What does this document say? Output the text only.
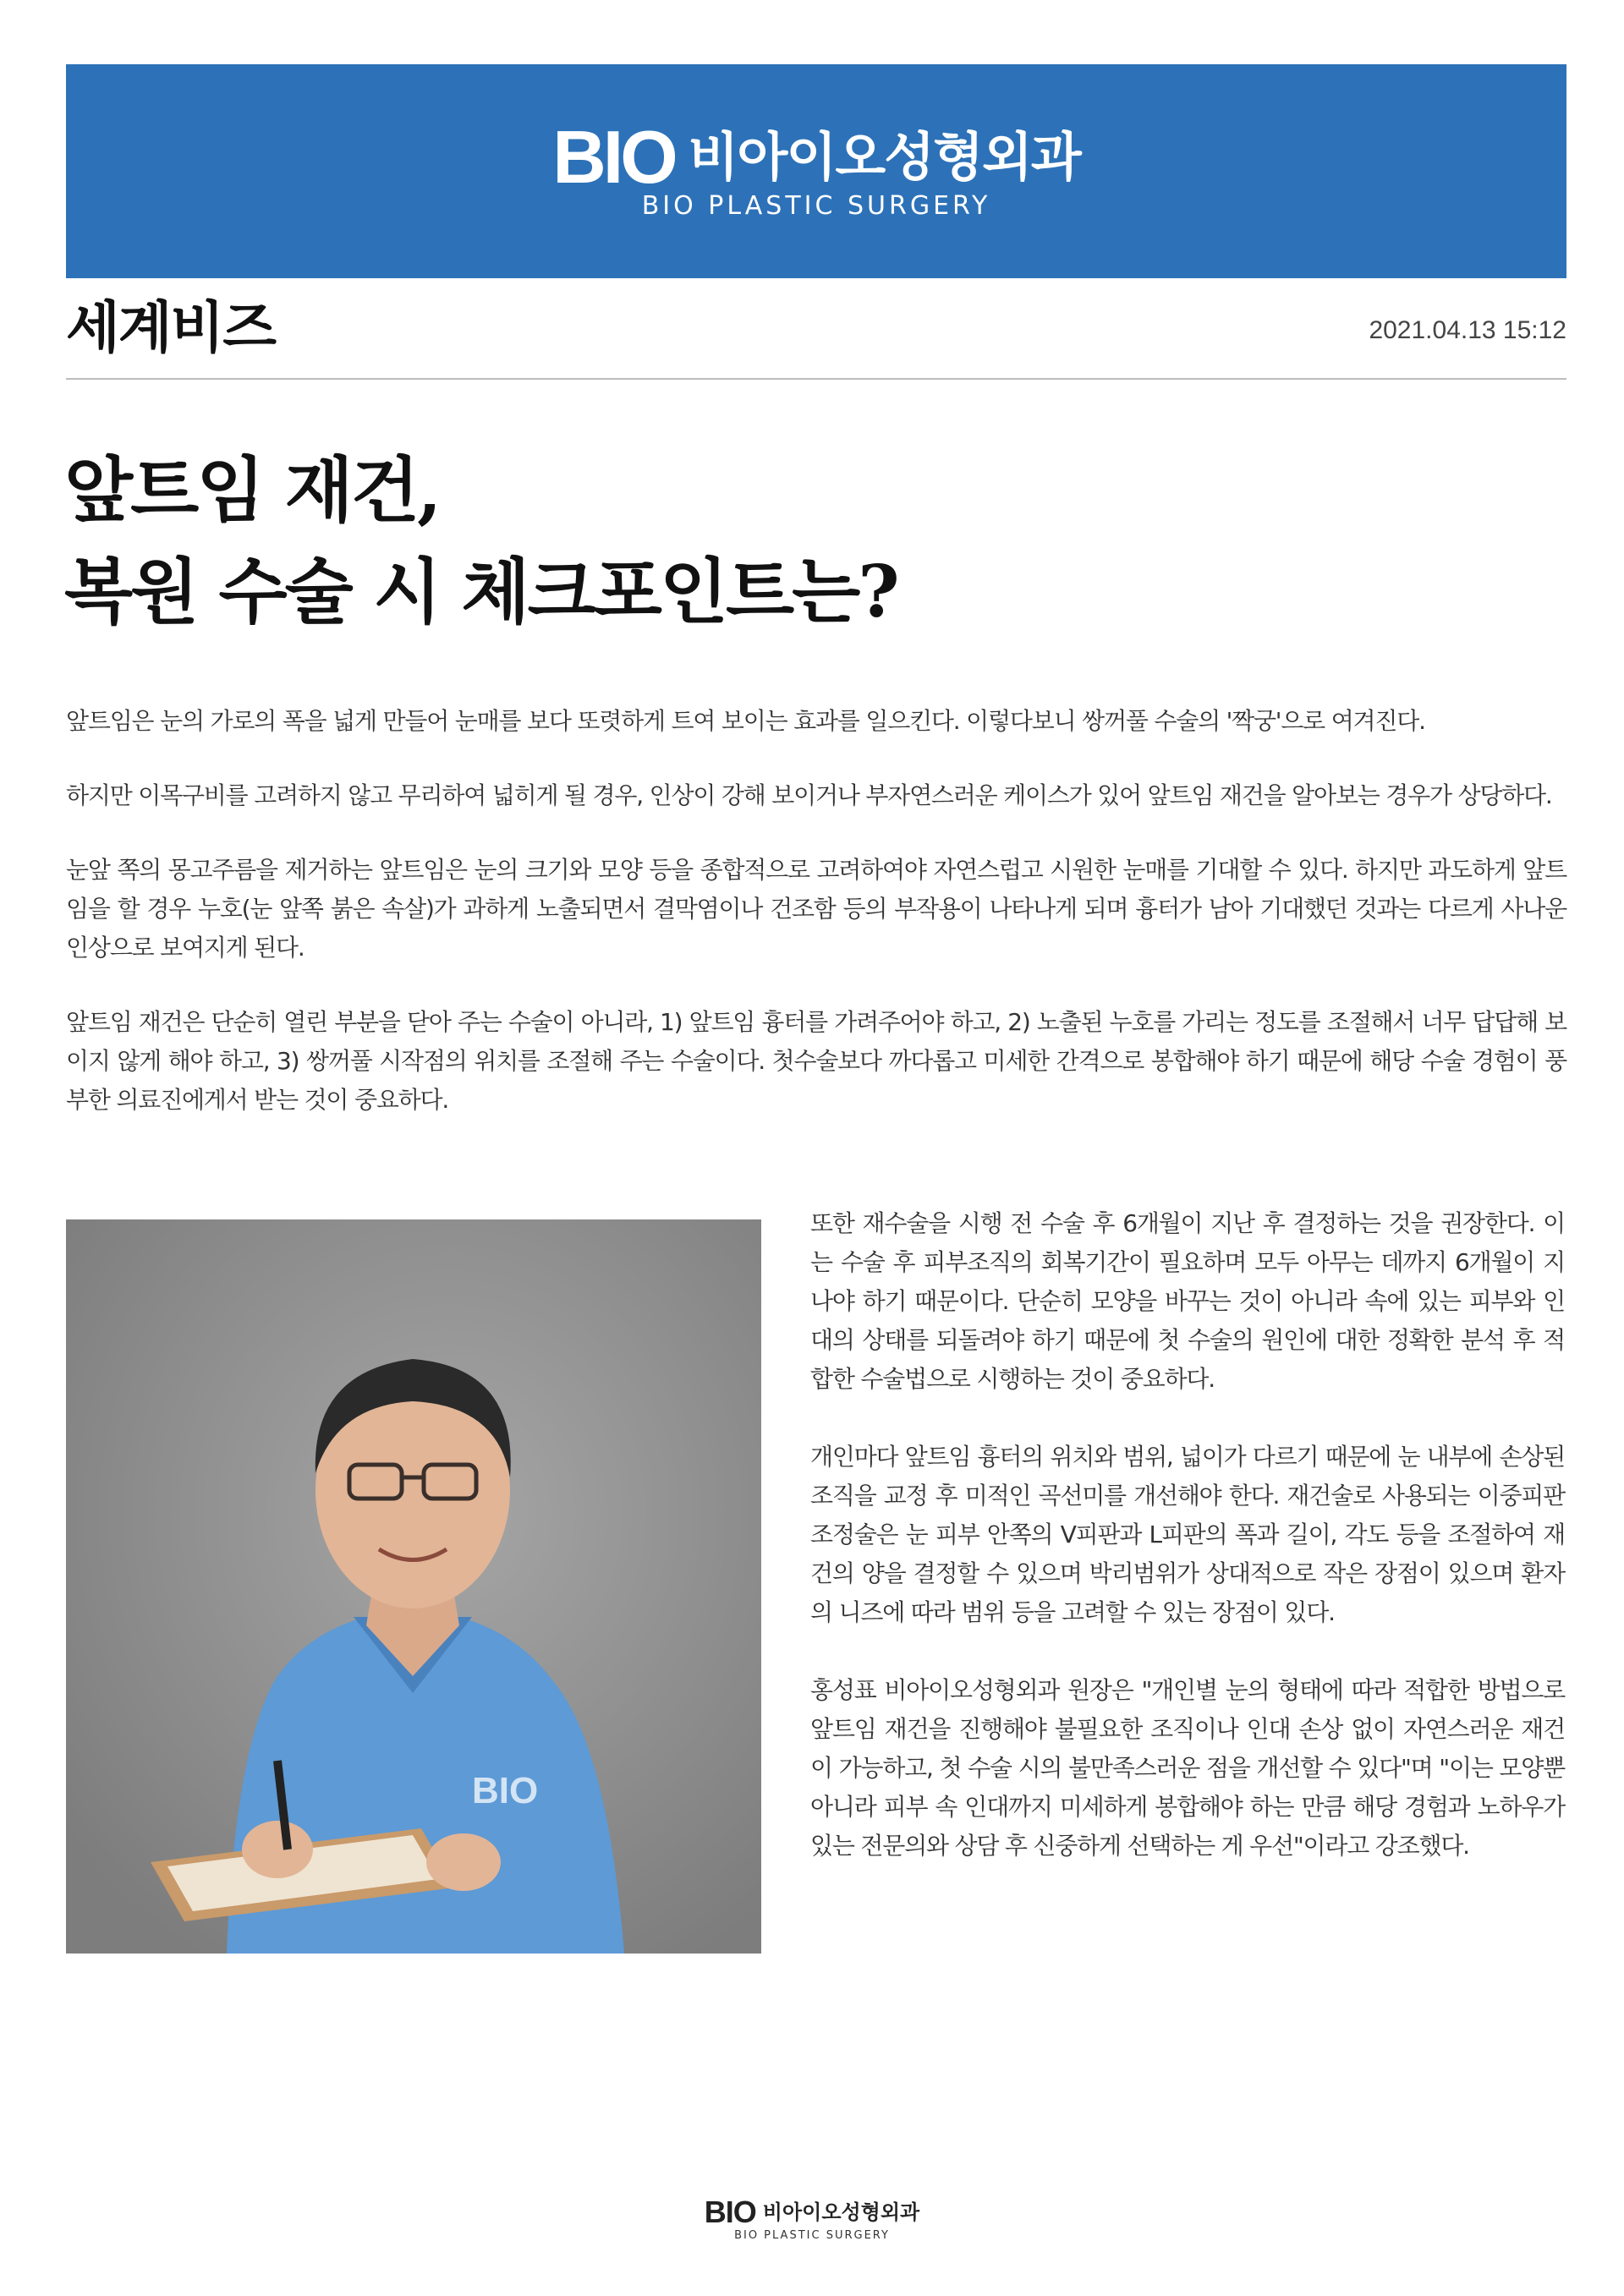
BIO 비아이오성형외과
BIO PLASTIC SURGERY
세계비즈	2021.04.13 15:12
앞트임 재건,
복원 수술 시 체크포인트는?

앞트임은 눈의 가로의 폭을 넓게 만들어 눈매를 보다 또렷하게 트여 보이는 효과를 일으킨다. 이렇다보니 쌍꺼풀 수술의 '짝궁'으로 여겨진다.

하지만 이목구비를 고려하지 않고 무리하여 넓히게 될 경우, 인상이 강해 보이거나 부자연스러운 케이스가 있어 앞트임 재건을 알아보는 경우가 상당하다.

눈앞 쪽의 몽고주름을 제거하는 앞트임은 눈의 크기와 모양 등을 종합적으로 고려하여야 자연스럽고 시원한 눈매를 기대할 수 있다. 하지만 과도하게 앞트임을 할 경우 누호(눈 앞쪽 붉은 속살)가 과하게 노출되면서 결막염이나 건조함 등의 부작용이 나타나게 되며 흉터가 남아 기대했던 것과는 다르게 사나운 인상으로 보여지게 된다.

앞트임 재건은 단순히 열린 부분을 닫아 주는 수술이 아니라, 1) 앞트임 흉터를 가려주어야 하고, 2) 노출된 누호를 가리는 정도를 조절해서 너무 답답해 보이지 않게 해야 하고, 3) 쌍꺼풀 시작점의 위치를 조절해 주는 수술이다. 첫수술보다 까다롭고 미세한 간격으로 봉합해야 하기 때문에 해당 수술 경험이 풍부한 의료진에게서 받는 것이 중요하다.

BIO

또한 재수술을 시행 전 수술 후 6개월이 지난 후 결정하는 것을 권장한다. 이는 수술 후 피부조직의 회복기간이 필요하며 모두 아무는 데까지 6개월이 지나야 하기 때문이다. 단순히 모양을 바꾸는 것이 아니라 속에 있는 피부와 인대의 상태를 되돌려야 하기 때문에 첫 수술의 원인에 대한 정확한 분석 후 적합한 수술법으로 시행하는 것이 중요하다.

개인마다 앞트임 흉터의 위치와 범위, 넓이가 다르기 때문에 눈 내부에 손상된 조직을 교정 후 미적인 곡선미를 개선해야 한다. 재건술로 사용되는 이중피판조정술은 눈 피부 안쪽의 V피판과 L피판의 폭과 길이, 각도 등을 조절하여 재건의 양을 결정할 수 있으며 박리범위가 상대적으로 작은 장점이 있으며 환자의 니즈에 따라 범위 등을 고려할 수 있는 장점이 있다.

홍성표 비아이오성형외과 원장은 "개인별 눈의 형태에 따라 적합한 방법으로 앞트임 재건을 진행해야 불필요한 조직이나 인대 손상 없이 자연스러운 재건이 가능하고, 첫 수술 시의 불만족스러운 점을 개선할 수 있다"며 "이는 모양뿐 아니라 피부 속 인대까지 미세하게 봉합해야 하는 만큼 해당 경험과 노하우가 있는 전문의와 상담 후 신중하게 선택하는 게 우선"이라고 강조했다.

BIO 비아이오성형외과
BIO PLASTIC SURGERY
